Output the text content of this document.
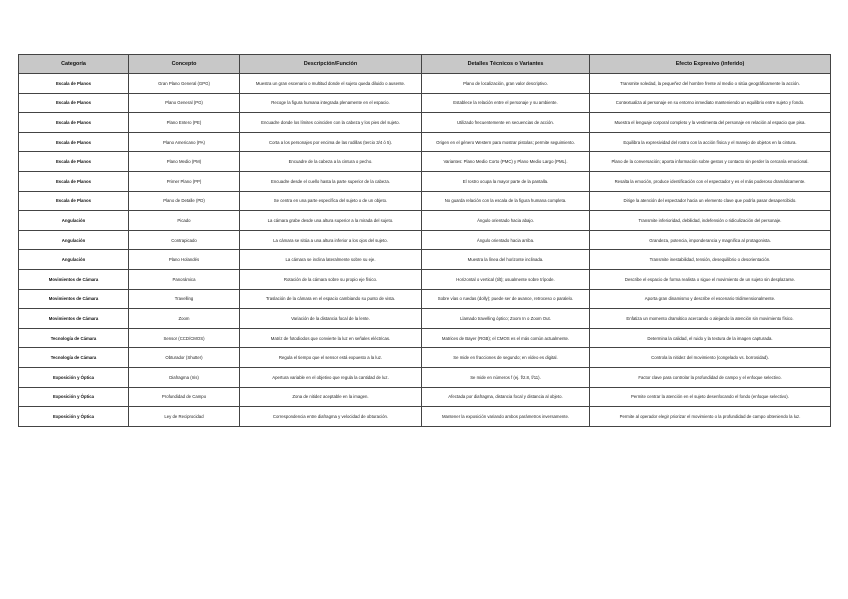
Categoría	Concepto	Descripción/Función	Detalles Técnicos o Variantes	Efecto Expresivo (inferido)
Escala de Planos	Gran Plano General (GPG)	Muestra un gran escenario o multitud donde el sujeto queda diluido o ausente.	Plano de localización, gran valor descriptivo.	Transmite soledad, la pequeñez del hombre frente al medio o sitúa geográficamente la acción.
Escala de Planos	Plano General (PG)	Recoge la figura humana integrada plenamente en el espacio.	Establece la relación entre el personaje y su ambiente.	Contextualiza al personaje en su entorno inmediato manteniendo un equilibrio entre sujeto y fondo.
Escala de Planos	Plano Entero (PE)	Encuadre donde los límites coinciden con la cabeza y los pies del sujeto.	Utilizado frecuentemente en secuencias de acción.	Muestra el lenguaje corporal completo y la vestimenta del personaje en relación al espacio que pisa.
Escala de Planos	Plano Americano (PA)	Corta a los personajes por encima de las rodillas (tercio 3/4 ó 5).	Origen en el género Western para mostrar pistolas; permite seguimiento.	Equilibra la expresividad del rostro con la acción física y el manejo de objetos en la cintura.
Escala de Planos	Plano Medio (PM)	Encuadre de la cabeza a la cintura o pecho.	Variantes: Plano Medio Corto (PMC) y Plano Medio Largo (PML).	Plano de la conversación; aporta información sobre gestos y contacto sin perder la cercanía emocional.
Escala de Planos	Primer Plano (PP)	Encuadre desde el cuello hasta la parte superior de la cabeza.	El rostro ocupa la mayor parte de la pantalla.	Resalta la emoción, produce identificación con el espectador y es el más poderoso dramáticamente.
Escala de Planos	Plano de Detalle (PD)	Se centra en una parte específica del sujeto o de un objeto.	No guarda relación con la escala de la figura humana completa.	Dirige la atención del espectador hacia un elemento clave que podría pasar desapercibido.
Angulación	Picado	La cámara grabe desde una altura superior a la mirada del sujeto.	Ángulo orientado hacia abajo.	Transmite inferioridad, debilidad, indefensión o ridiculización del personaje.
Angulación	Contrapicado	La cámara se sitúa a una altura inferior a los ojos del sujeto.	Ángulo orientado hacia arriba.	Grandeza, potencia, imponderancia y magnifica al protagonista.
Angulación	Plano Holandés	La cámara se inclina lateralmente sobre su eje.	Muestra la línea del horizonte inclinada.	Transmite inestabilidad, tensión, desequilibrio o desorientación.
Movimientos de Cámara	Panorámica	Rotación de la cámara sobre su propio eje físico.	Horizontal o vertical (tilt); usualmente sobre trípode.	Describe el espacio de forma realista o sigue el movimiento de un sujeto sin desplazarse.
Movimientos de Cámara	Travelling	Traslación de la cámara en el espacio cambiando su punto de vista.	Sobre vías o ruedas (dolly); puede ser de avance, retroceso o paralelo.	Aporta gran dinamismo y describe el escenario tridimensionalmente.
Movimientos de Cámara	Zoom	Variación de la distancia focal de la lente.	Llamado travelling óptico; Zoom In o Zoom Out.	Enfatiza un momento dramático acercando o alejando la atención sin movimiento físico.
Tecnología de Cámara	Sensor (CCD/CMOS)	Matriz de fotodiodos que convierte la luz en señales eléctricas.	Matrices de Bayer (RGB); el CMOS es el más común actualmente.	Determina la calidad, el ruido y la textura de la imagen capturada.
Tecnología de Cámara	Obturador (Shutter)	Regula el tiempo que el sensor está expuesto a la luz.	Se mide en fracciones de segundo; en vídeo es digital.	Controla la nitidez del movimiento (congelado vs. borrosidad).
Exposición y Óptica	Diafragma (Iris)	Apertura variable en el objetivo que regula la cantidad de luz.	Se mide en números f (ej. f/2.8, f/11).	Factor clave para controlar la profundidad de campo y el enfoque selectivo.
Exposición y Óptica	Profundidad de Campo	Zona de nitidez aceptable en la imagen.	Afectada por diafragma, distancia focal y distancia al objeto.	Permite centrar la atención en el sujeto desenfocando el fondo (enfoque selectivo).
Exposición y Óptica	Ley de Reciprocidad	Correspondencia entre diafragma y velocidad de obturación.	Mantener la exposición variando ambos parámetros inversamente.	Permite al operador elegir priorizar el movimiento o la profundidad de campo obteniendo la luz.
